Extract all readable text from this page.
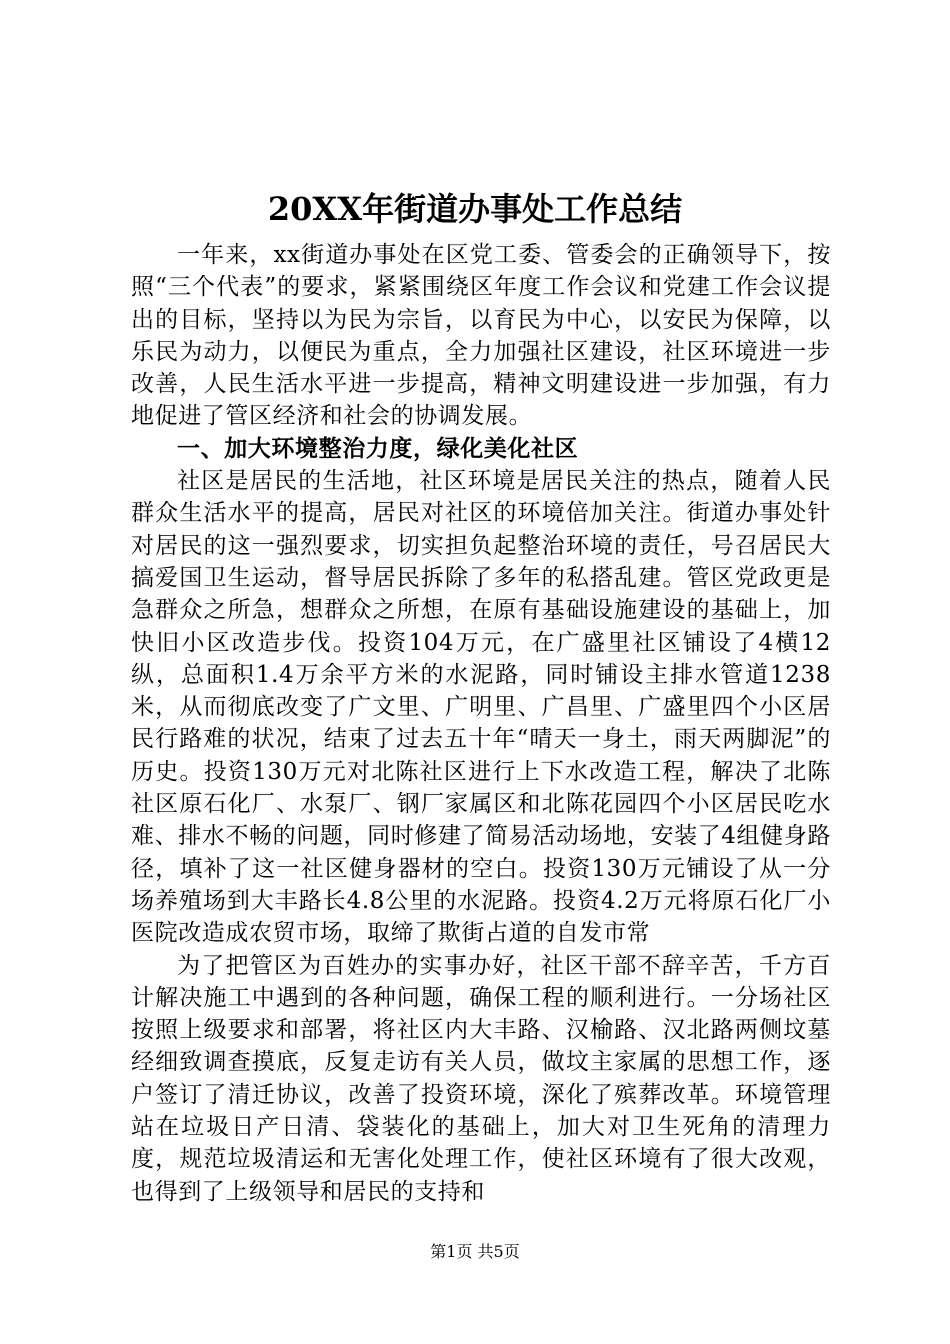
20XX年街道办事处工作总结

一年来，xx街道办事处在区党工委、管委会的正确领导下，按照“三个代表”的要求，紧紧围绕区年度工作会议和党建工作会议提出的目标，坚持以为民为宗旨，以育民为中心，以安民为保障，以乐民为动力，以便民为重点，全力加强社区建设，社区环境进一步改善，人民生活水平进一步提高，精神文明建设进一步加强，有力地促进了管区经济和社会的协调发展。

一、加大环境整治力度，绿化美化社区

社区是居民的生活地，社区环境是居民关注的热点，随着人民群众生活水平的提高，居民对社区的环境倍加关注。街道办事处针对居民的这一强烈要求，切实担负起整治环境的责任，号召居民大搞爱国卫生运动，督导居民拆除了多年的私搭乱建。管区党政更是急群众之所急，想群众之所想，在原有基础设施建设的基础上，加快旧小区改造步伐。投资104万元，在广盛里社区铺设了4横12纵，总面积1.4万余平方米的水泥路，同时铺设主排水管道1238米，从而彻底改变了广文里、广明里、广昌里、广盛里四个小区居民行路难的状况，结束了过去五十年“晴天一身土，雨天两脚泥”的历史。投资130万元对北陈社区进行上下水改造工程，解决了北陈社区原石化厂、水泵厂、钢厂家属区和北陈花园四个小区居民吃水难、排水不畅的问题，同时修建了简易活动场地，安装了4组健身路径，填补了这一社区健身器材的空白。投资130万元铺设了从一分场养殖场到大丰路长4.8公里的水泥路。投资4.2万元将原石化厂小医院改造成农贸市场，取缔了欺街占道的自发市常

为了把管区为百姓办的实事办好，社区干部不辞辛苦，千方百计解决施工中遇到的各种问题，确保工程的顺利进行。一分场社区按照上级要求和部署，将社区内大丰路、汉榆路、汉北路两侧坟墓经细致调查摸底，反复走访有关人员，做坟主家属的思想工作，逐户签订了清迁协议，改善了投资环境，深化了殡葬改革。环境管理站在垃圾日产日清、袋装化的基础上，加大对卫生死角的清理力度，规范垃圾清运和无害化处理工作，使社区环境有了很大改观，也得到了上级领导和居民的支持和

第1页 共5页
